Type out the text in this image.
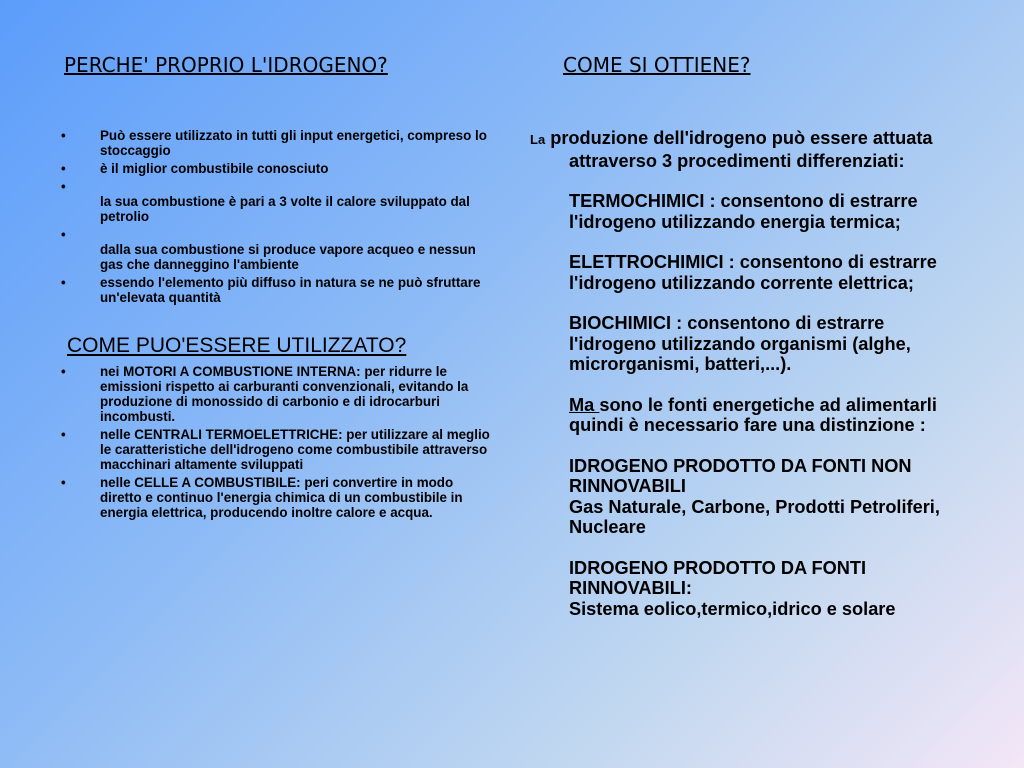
PERCHE' PROPRIO L'IDROGENO?	COME SI OTTIENE?
•	Può essere utilizzato in tutti gli input energetici, compreso lo stoccaggio
•	è il miglior combustibile conosciuto
•

la sua combustione è pari a 3 volte il calore sviluppato dal petrolio
•

dalla sua combustione si produce vapore acqueo e nessun gas che danneggino l'ambiente
•	essendo l'elemento più diffuso in natura se ne può sfruttare un'elevata quantità
COME PUO'ESSERE UTILIZZATO?
•	nei MOTORI A COMBUSTIONE INTERNA: per ridurre le emissioni rispetto ai carburanti convenzionali, evitando la produzione di monossido di carbonio e di idrocarburi incombusti.
•	nelle CENTRALI TERMOELETTRICHE: per utilizzare al meglio le caratteristiche dell'idrogeno come combustibile attraverso macchinari altamente sviluppati
•	nelle CELLE A COMBUSTIBILE: peri convertire in modo diretto e continuo l'energia chimica di un combustibile in energia elettrica, producendo inoltre calore e acqua.

La produzione dell'idrogeno può essere attuata attraverso 3 procedimenti differenziati:

TERMOCHIMICI : consentono di estrarre l'idrogeno utilizzando energia termica;

ELETTROCHIMICI : consentono di estrarre l'idrogeno utilizzando corrente elettrica;

BIOCHIMICI : consentono di estrarre l'idrogeno utilizzando organismi (alghe, microrganismi, batteri,...).

Ma sono le fonti energetiche ad alimentarli quindi è necessario fare una distinzione :

IDROGENO PRODOTTO DA FONTI NON RINNOVABILI
Gas Naturale, Carbone, Prodotti Petroliferi, Nucleare

IDROGENO PRODOTTO DA FONTI RINNOVABILI:
Sistema eolico,termico,idrico e solare
